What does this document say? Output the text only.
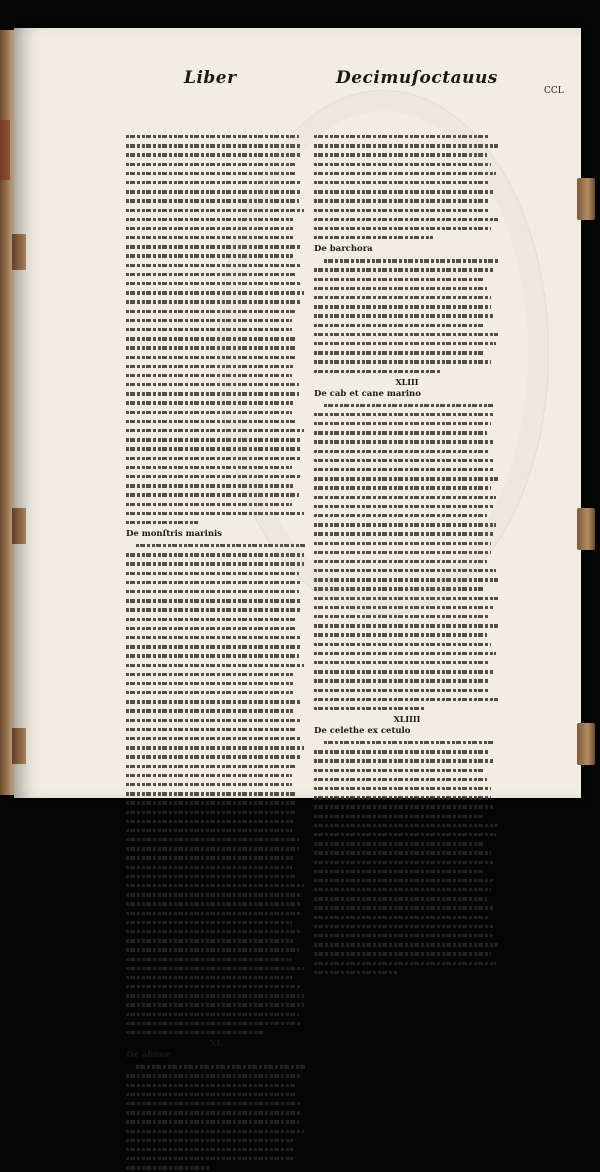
Liber	Decimuſoctauus
CCL
De monſtris marinis
XL
De abune
De barchora
XLIII
De cab et cane marino
XLIIII
De celethe ex cetulo
